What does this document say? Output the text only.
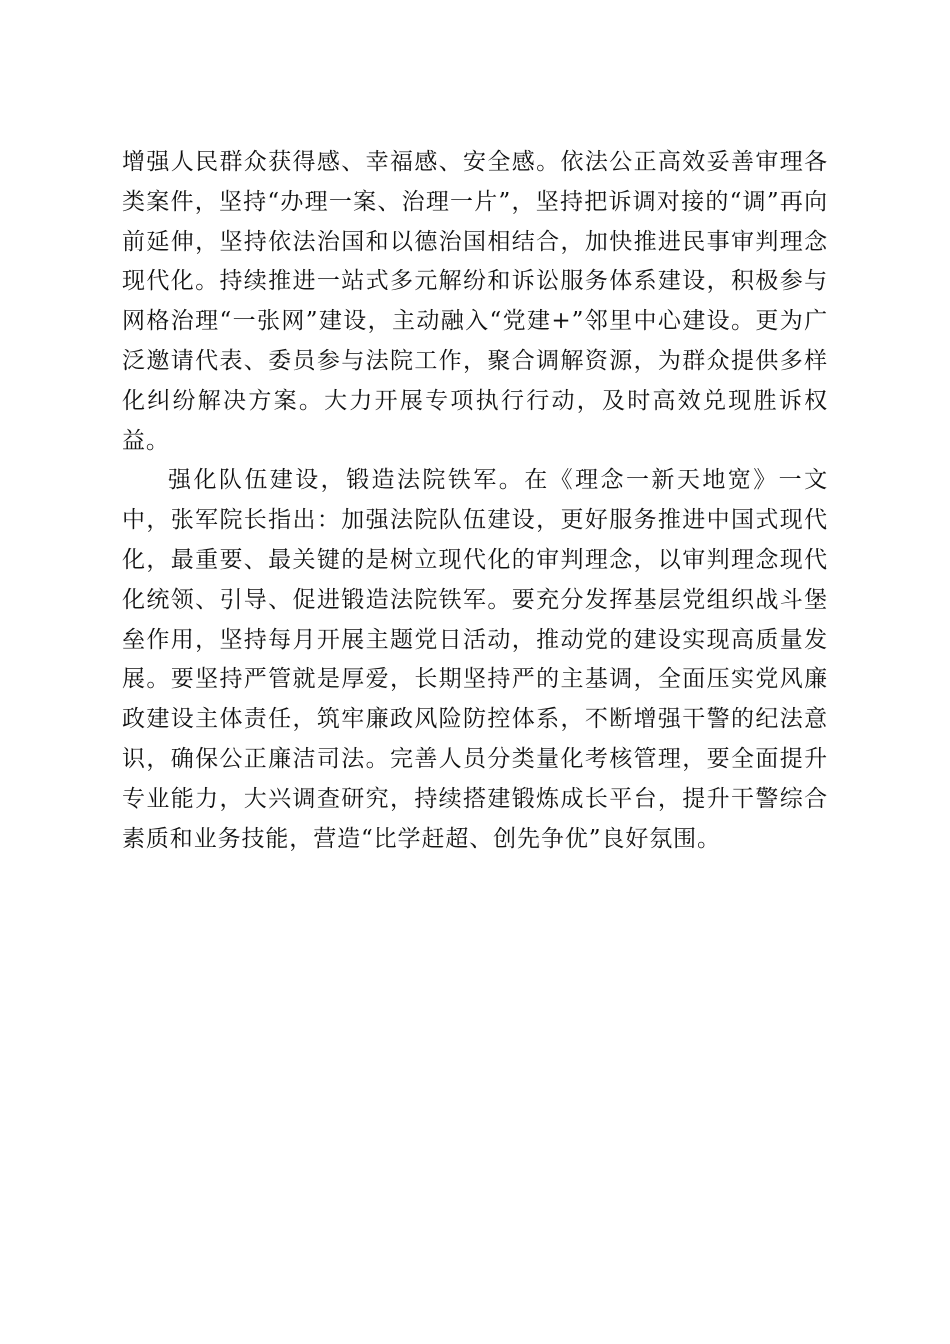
增强人民群众获得感、幸福感、安全感。依法公正高效妥善审理各类案件，坚持“办理一案、治理一片”，坚持把诉调对接的“调”再向前延伸，坚持依法治国和以德治国相结合，加快推进民事审判理念现代化。持续推进一站式多元解纷和诉讼服务体系建设，积极参与网格治理“一张网”建设，主动融入“党建+”邻里中心建设。更为广泛邀请代表、委员参与法院工作，聚合调解资源，为群众提供多样化纠纷解决方案。大力开展专项执行行动，及时高效兑现胜诉权益。

强化队伍建设，锻造法院铁军。在《理念一新天地宽》一文中，张军院长指出：加强法院队伍建设，更好服务推进中国式现代化，最重要、最关键的是树立现代化的审判理念，以审判理念现代化统领、引导、促进锻造法院铁军。要充分发挥基层党组织战斗堡垒作用，坚持每月开展主题党日活动，推动党的建设实现高质量发展。要坚持严管就是厚爱，长期坚持严的主基调，全面压实党风廉政建设主体责任，筑牢廉政风险防控体系，不断增强干警的纪法意识，确保公正廉洁司法。完善人员分类量化考核管理，要全面提升专业能力，大兴调查研究，持续搭建锻炼成长平台，提升干警综合素质和业务技能，营造“比学赶超、创先争优”良好氛围。
